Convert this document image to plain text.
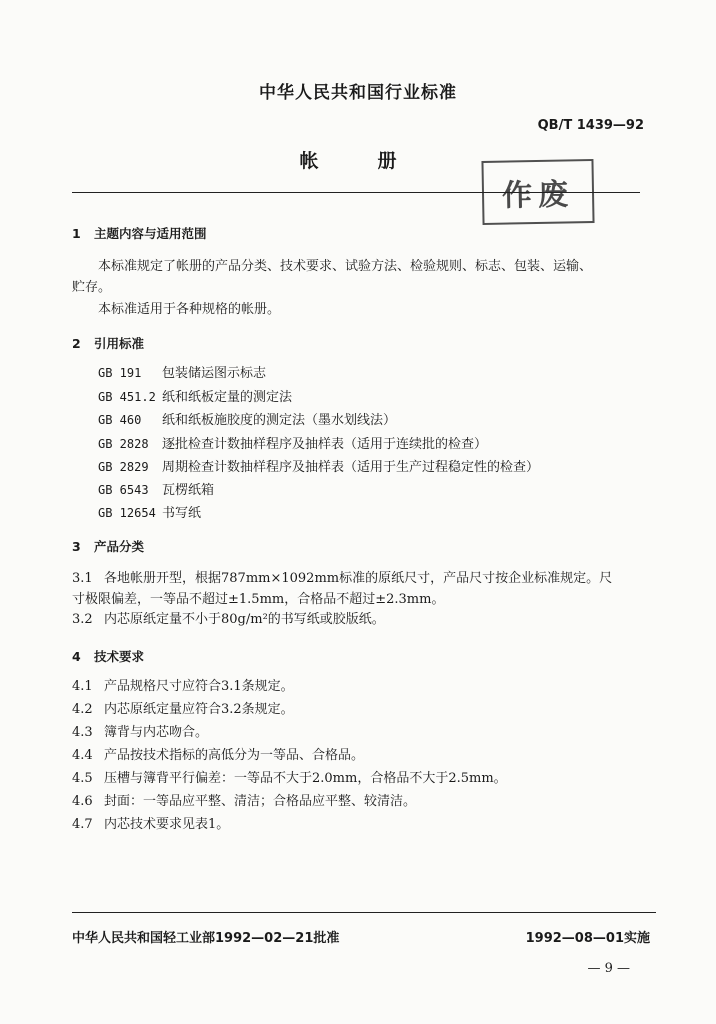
中华人民共和国行业标准
QB/T 1439—92
帐　册
作废
1 主题内容与适用范围
本标准规定了帐册的产品分类、技术要求、试验方法、检验规则、标志、包装、运输、
贮存。
本标准适用于各种规格的帐册。
2 引用标准
GB 191 包装储运图示标志
GB 451.2 纸和纸板定量的测定法
GB 460 纸和纸板施胶度的测定法（墨水划线法）
GB 2828 逐批检查计数抽样程序及抽样表（适用于连续批的检查）
GB 2829 周期检查计数抽样程序及抽样表（适用于生产过程稳定性的检查）
GB 6543 瓦楞纸箱
GB 12654 书写纸
3 产品分类
3.1 各地帐册开型，根据787mm×1092mm标准的原纸尺寸，产品尺寸按企业标准规定。尺
寸极限偏差，一等品不超过±1.5mm，合格品不超过±2.3mm。
3.2 内芯原纸定量不小于80g/m²的书写纸或胶版纸。
4 技术要求
4.1 产品规格尺寸应符合3.1条规定。
4.2 内芯原纸定量应符合3.2条规定。
4.3 簿背与内芯吻合。
4.4 产品按技术指标的高低分为一等品、合格品。
4.5 压槽与簿背平行偏差：一等品不大于2.0mm，合格品不大于2.5mm。
4.6 封面：一等品应平整、清洁；合格品应平整、较清洁。
4.7 内芯技术要求见表1。
中华人民共和国轻工业部1992—02—21批准	1992—08—01实施
— 9 —
